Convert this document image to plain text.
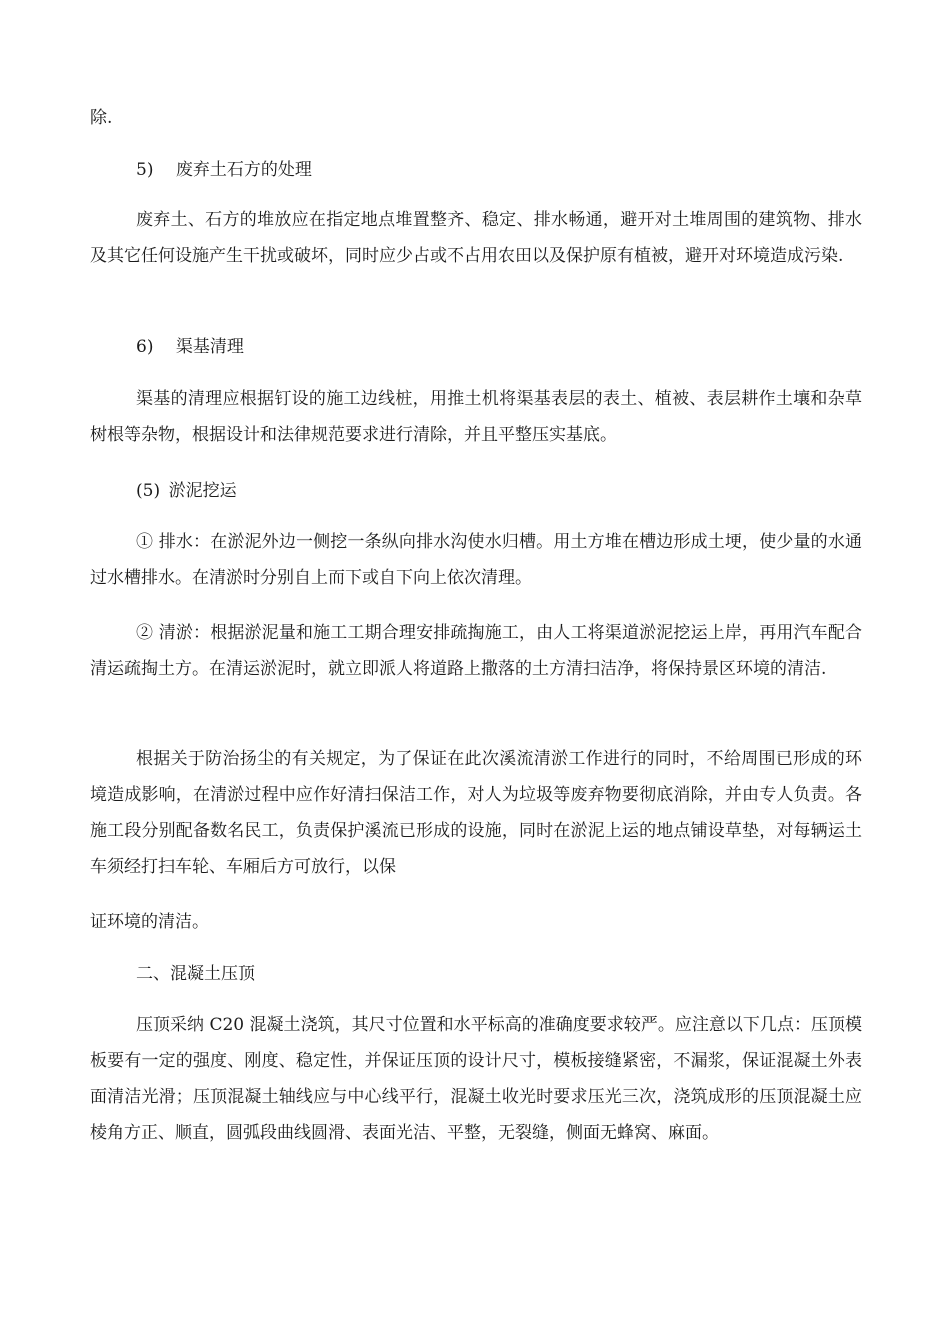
除.

5)　 废弃土石方的处理

废弃土、石方的堆放应在指定地点堆置整齐、稳定、排水畅通，避开对土堆周围的建筑物、排水及其它任何设施产生干扰或破坏，同时应少占或不占用农田以及保护原有植被，避开对环境造成污染.

6)　 渠基清理

渠基的清理应根据钉设的施工边线桩，用推土机将渠基表层的表土、植被、表层耕作土壤和杂草树根等杂物，根据设计和法律规范要求进行清除，并且平整压实基底。

(5) 淤泥挖运

① 排水：在淤泥外边一侧挖一条纵向排水沟使水归槽。用土方堆在槽边形成土埂，使少量的水通过水槽排水。在清淤时分别自上而下或自下向上依次清理。

② 清淤：根据淤泥量和施工工期合理安排疏掏施工，由人工将渠道淤泥挖运上岸，再用汽车配合清运疏掏土方。在清运淤泥时，就立即派人将道路上撒落的土方清扫洁净，将保持景区环境的清洁.

根据关于防治扬尘的有关规定，为了保证在此次溪流清淤工作进行的同时，不给周围已形成的环境造成影响，在清淤过程中应作好清扫保洁工作，对人为垃圾等废弃物要彻底消除，并由专人负责。各施工段分别配备数名民工，负责保护溪流已形成的设施，同时在淤泥上运的地点铺设草垫，对每辆运土车须经打扫车轮、车厢后方可放行，以保

证环境的清洁。

二、混凝土压顶

压顶采纳 C20 混凝土浇筑，其尺寸位置和水平标高的准确度要求较严。应注意以下几点：压顶模板要有一定的强度、刚度、稳定性，并保证压顶的设计尺寸，模板接缝紧密，不漏浆，保证混凝土外表面清洁光滑；压顶混凝土轴线应与中心线平行，混凝土收光时要求压光三次，浇筑成形的压顶混凝土应棱角方正、顺直，圆弧段曲线圆滑、表面光洁、平整，无裂缝，侧面无蜂窝、麻面。
